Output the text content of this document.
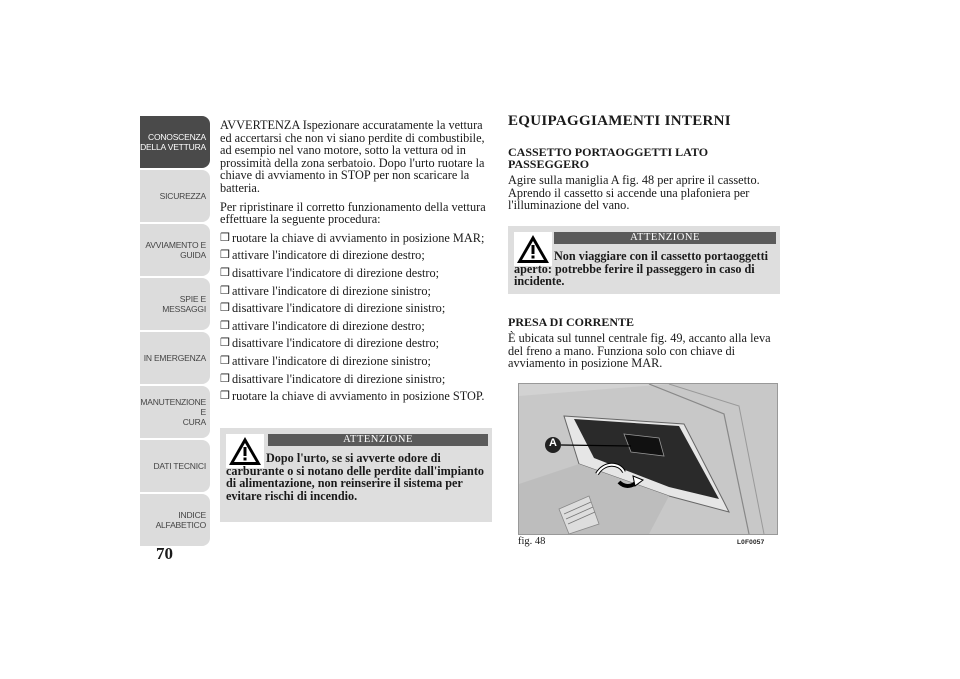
CONOSCENZA
DELLA VETTURA
SICUREZZA
AVVIAMENTO E
GUIDA
SPIE E MESSAGGI
IN EMERGENZA
MANUTENZIONE E
CURA
DATI TECNICI
INDICE
ALFABETICO
70

AVVERTENZA Ispezionare accuratamente la vettura ed accertarsi che non vi siano perdite di combustibile, ad esempio nel vano motore, sotto la vettura od in prossimità della zona serbatoio. Dopo l'urto ruotare la chiave di avviamento in STOP per non scaricare la batteria.

Per ripristinare il corretto funzionamento della vettura effettuare la seguente procedura:

❒ ruotare la chiave di avviamento in posizione MAR;
❒ attivare l'indicatore di direzione destro;
❒ disattivare l'indicatore di direzione destro;
❒ attivare l'indicatore di direzione sinistro;
❒ disattivare l'indicatore di direzione sinistro;
❒ attivare l'indicatore di direzione destro;
❒ disattivare l'indicatore di direzione destro;
❒ attivare l'indicatore di direzione sinistro;
❒ disattivare l'indicatore di direzione sinistro;
❒ ruotare la chiave di avviamento in posizione STOP.
ATTENZIONE
Dopo l'urto, se si avverte odore di carburante o si notano delle perdite dall'impianto di alimentazione, non reinserire il sistema per evitare rischi di incendio.
EQUIPAGGIAMENTI INTERNI
CASSETTO PORTAOGGETTI LATO PASSEGGERO

Agire sulla maniglia A fig. 48 per aprire il cassetto. Aprendo il cassetto si accende una plafoniera per l'illuminazione del vano.

ATTENZIONE
Non viaggiare con il cassetto portaoggetti aperto: potrebbe ferire il passeggero in caso di incidente.
PRESA DI CORRENTE

È ubicata sul tunnel centrale fig. 49, accanto alla leva del freno a mano. Funziona solo con chiave di avviamento in posizione MAR.

A
fig. 48	L0F0057
